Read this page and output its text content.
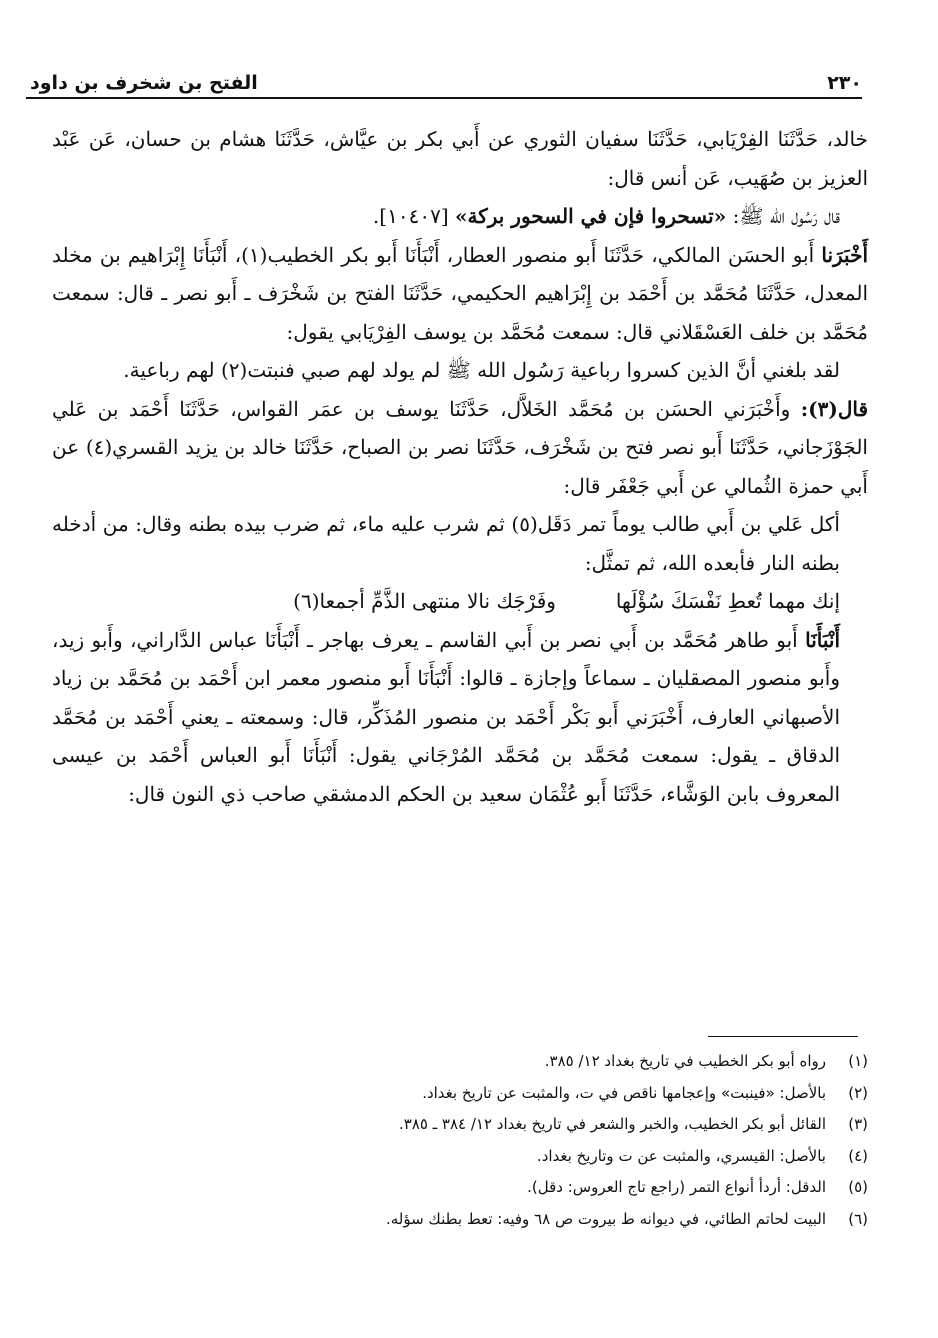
٢٣٠
الفتح بن شخرف بن داود

خالد، حَدَّثَنَا الفِرْيَابي، حَدَّثَنَا سفيان الثوري عن أَبي بكر بن عيَّاش، حَدَّثَنَا هشام بن حسان، عَن عَبْد العزيز بن صُهَيب، عَن أنس قال:

قال رَسُول الله ﷺ: «تسحروا فإن في السحور بركة» [١٠٤٠٧].

أَخْبَرَنا أَبو الحسَن المالكي، حَدَّثَنَا أَبو منصور العطار، أَنْبَأَنَا أَبو بكر الخطيب(١)، أَنْبَأَنَا إِبْرَاهيم بن مخلد المعدل، حَدَّثَنَا مُحَمَّد بن أَحْمَد بن إِبْرَاهيم الحكيمي، حَدَّثَنَا الفتح بن شَخْرَف ـ أَبو نصر ـ قال: سمعت مُحَمَّد بن خلف العَسْقَلاني قال: سمعت مُحَمَّد بن يوسف الفِرْيَابي يقول:

لقد بلغني أنَّ الذين كسروا رباعية رَسُول الله ﷺ لم يولد لهم صبي فنبتت(٢) لهم رباعية.

قال(٣): وأَخْبَرَني الحسَن بن مُحَمَّد الخَلاَّل، حَدَّثَنَا يوسف بن عمَر القواس، حَدَّثَنَا أَحْمَد بن عَلي الجَوْزَجاني، حَدَّثَنَا أَبو نصر فتح بن شَخْرَف، حَدَّثَنَا نصر بن الصباح، حَدَّثَنَا خالد بن يزيد القسري(٤) عن أَبي حمزة الثُمالي عن أَبي جَعْفَر قال:

أكل عَلي بن أَبي طالب يوماً تمر دَقَل(٥) ثم شرب عليه ماء، ثم ضرب بيده بطنه وقال: من أدخله بطنه النار فأبعده الله، ثم تمثَّل:

إنك مهما تُعطِ نَفْسَكَ سُؤْلَها
وفَرْجَك نالا منتهى الذَّمِّ أجمعا(٦)

أَنْبَأَنَا أَبو طاهر مُحَمَّد بن أَبي نصر بن أَبي القاسم ـ يعرف بهاجر ـ أَنْبَأَنَا عباس الدَّاراني، وأَبو زيد، وأَبو منصور المصقليان ـ سماعاً وإجازة ـ قالوا: أَنْبَأَنَا أَبو منصور معمر ابن أَحْمَد بن مُحَمَّد بن زياد الأصبهاني العارف، أَخْبَرَني أَبو بَكْر أَحْمَد بن منصور المُذَكِّر، قال: وسمعته ـ يعني أَحْمَد بن مُحَمَّد الدقاق ـ يقول: سمعت مُحَمَّد بن مُحَمَّد المُرْجَاني يقول: أَنْبَأَنَا أَبو العباس أَحْمَد بن عيسى المعروف بابن الوَشَّاء، حَدَّثَنَا أَبو عُثْمَان سعيد بن الحكم الدمشقي صاحب ذي النون قال:

(١)
رواه أبو بكر الخطيب في تاريخ بغداد ١٢/ ٣٨٥.
(٢)
بالأصل: «فينبت» وإعجامها ناقص في ت، والمثبت عن تاريخ بغداد.
(٣)
القائل أبو بكر الخطيب، والخبر والشعر في تاريخ بغداد ١٢/ ٣٨٤ ـ ٣٨٥.
(٤)
بالأصل: القيسري، والمثبت عن ت وتاريخ بغداد.
(٥)
الدقل: أردأ أنواع التمر (راجع تاج العروس: دقل).
(٦)
البيت لحاتم الطائي، في ديوانه ط بيروت ص ٦٨ وفيه: تعط بطنك سؤله.
